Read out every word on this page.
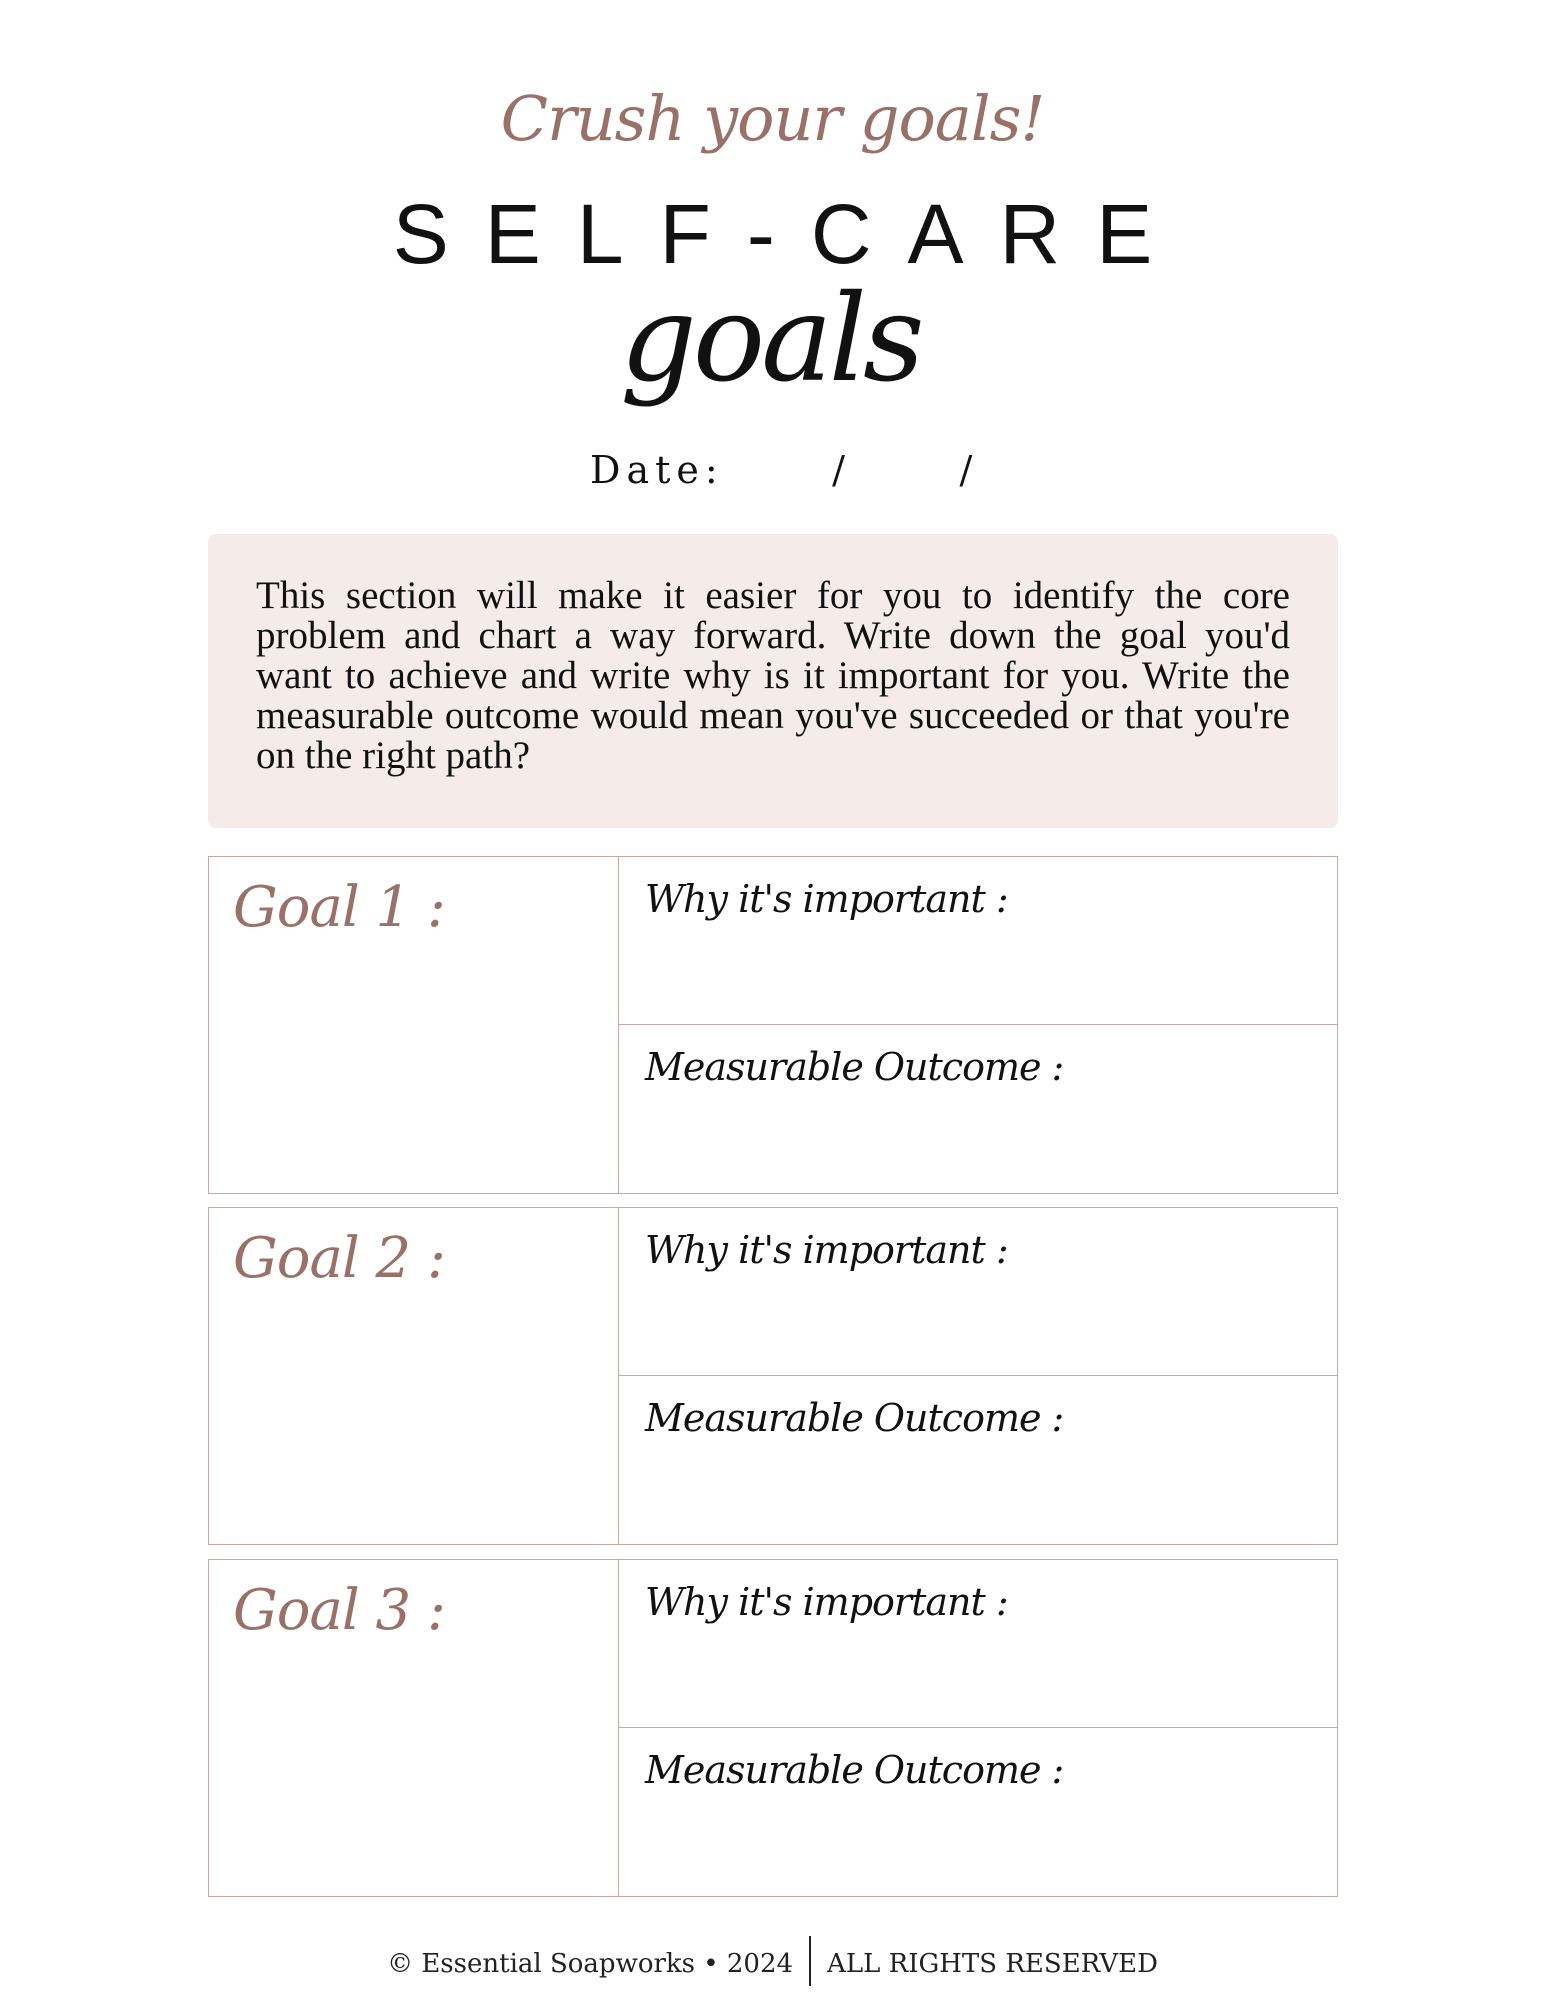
Crush your goals!
SELF-CARE
goals
Date:	/	/

This section will make it easier for you to identify the core problem and chart a way forward. Write down the goal you'd want to achieve and write why is it important for you. Write the measurable outcome would mean you've succeeded or that you're on the right path?

Goal 1 :	Why it's important :
Measurable Outcome :
Goal 2 :	Why it's important :
Measurable Outcome :
Goal 3 :	Why it's important :
Measurable Outcome :
© Essential Soapworks • 2024 ALL RIGHTS RESERVED
